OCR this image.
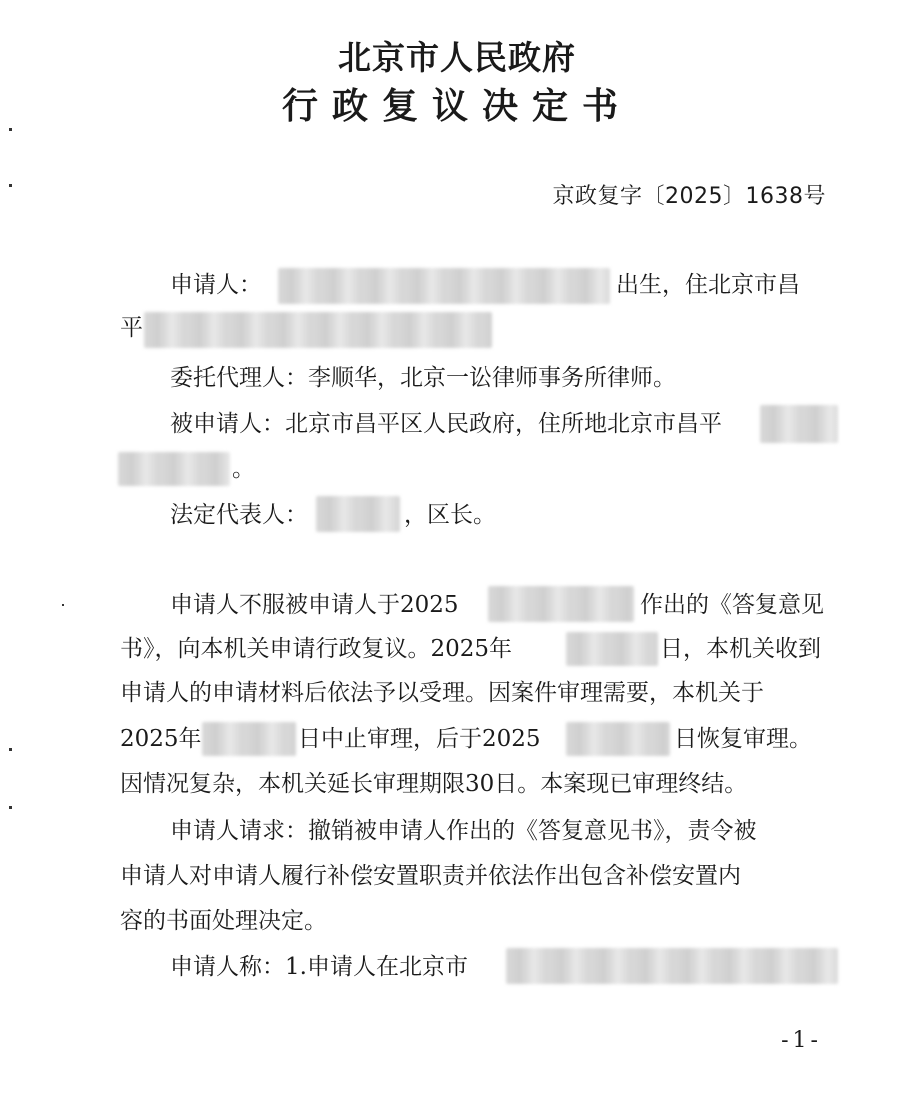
北京市人民政府
行政复议决定书
京政复字〔2025〕1638号
申请人：	出生，住北京市昌
平
委托代理人：李顺华，北京一讼律师事务所律师。
被申请人：北京市昌平区人民政府，住所地北京市昌平
。
法定代表人：	，区长。
申请人不服被申请人于2025	作出的《答复意见
书》，向本机关申请行政复议。2025年	日，本机关收到
申请人的申请材料后依法予以受理。因案件审理需要，本机关于
2025年	日中止审理，后于2025	日恢复审理。
因情况复杂，本机关延长审理期限30日。本案现已审理终结。
申请人请求：撤销被申请人作出的《答复意见书》，责令被
申请人对申请人履行补偿安置职责并依法作出包含补偿安置内
容的书面处理决定。
申请人称：1.申请人在北京市
-1-
